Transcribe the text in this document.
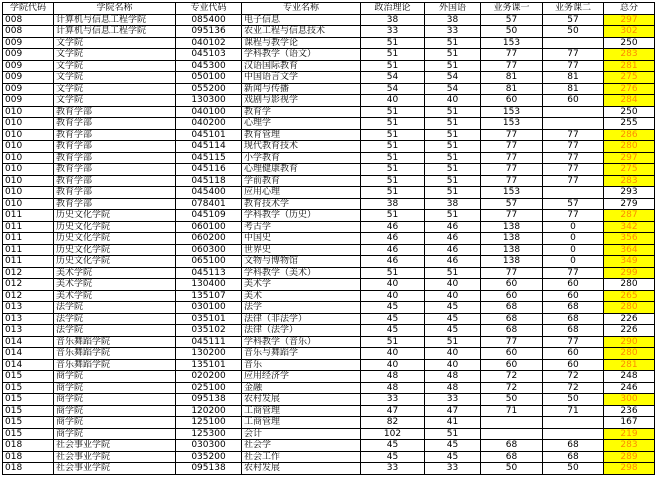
学院代码	学院名称	专业代码	专业名称	政治理论	外国语	业务课一	业务课二	总分
008	计算机与信息工程学院	085400	电子信息	38	38	57	57	297
008	计算机与信息工程学院	095136	农业工程与信息技术	33	33	50	50	302
009	文学院	040102	课程与教学论	51	51	153		250
009	文学院	045103	学科教学（语文）	51	51	77	77	283
009	文学院	045300	汉语国际教育	51	51	77	77	281
009	文学院	050100	中国语言文学	54	54	81	81	275
009	文学院	055200	新闻与传播	54	54	81	81	276
009	文学院	130300	戏剧与影视学	40	40	60	60	284
010	教育学部	040100	教育学	51	51	153		250
010	教育学部	040200	心理学	51	51	153		255
010	教育学部	045101	教育管理	51	51	77	77	286
010	教育学部	045114	现代教育技术	51	51	77	77	280
010	教育学部	045115	小学教育	51	51	77	77	297
010	教育学部	045116	心理健康教育	51	51	77	77	275
010	教育学部	045118	学前教育	51	51	77	77	283
010	教育学部	045400	应用心理	51	51	153		293
010	教育学部	078401	教育技术学	38	38	57	57	279
011	历史文化学院	045109	学科教学（历史）	51	51	77	77	287
011	历史文化学院	060100	考古学	46	46	138	0	342
011	历史文化学院	060200	中国史	46	46	138	0	356
011	历史文化学院	060300	世界史	46	46	138	0	364
011	历史文化学院	065100	文物与博物馆	46	46	138	0	349
012	美术学院	045113	学科教学（美术）	51	51	77	77	299
012	美术学院	130400	美术学	40	40	60	60	280
012	美术学院	135107	美术	40	40	60	60	265
013	法学院	030100	法学	45	45	68	68	280
013	法学院	035101	法律（非法学）	45	45	68	68	226
013	法学院	035102	法律（法学）	45	45	68	68	226
014	音乐舞蹈学院	045111	学科教学（音乐）	51	51	77	77	290
014	音乐舞蹈学院	130200	音乐与舞蹈学	40	40	60	60	280
014	音乐舞蹈学院	135101	音乐	40	40	60	60	281
015	商学院	020200	应用经济学	48	48	72	72	248
015	商学院	025100	金融	48	48	72	72	246
015	商学院	095138	农村发展	33	33	50	50	300
015	商学院	120200	工商管理	47	47	71	71	236
015	商学院	125100	工商管理	82	41			167
015	商学院	125300	会计	102	51			219
018	社会事业学院	030300	社会学	45	45	68	68	283
018	社会事业学院	035200	社会工作	45	45	68	68	289
018	社会事业学院	095138	农村发展	33	33	50	50	298
